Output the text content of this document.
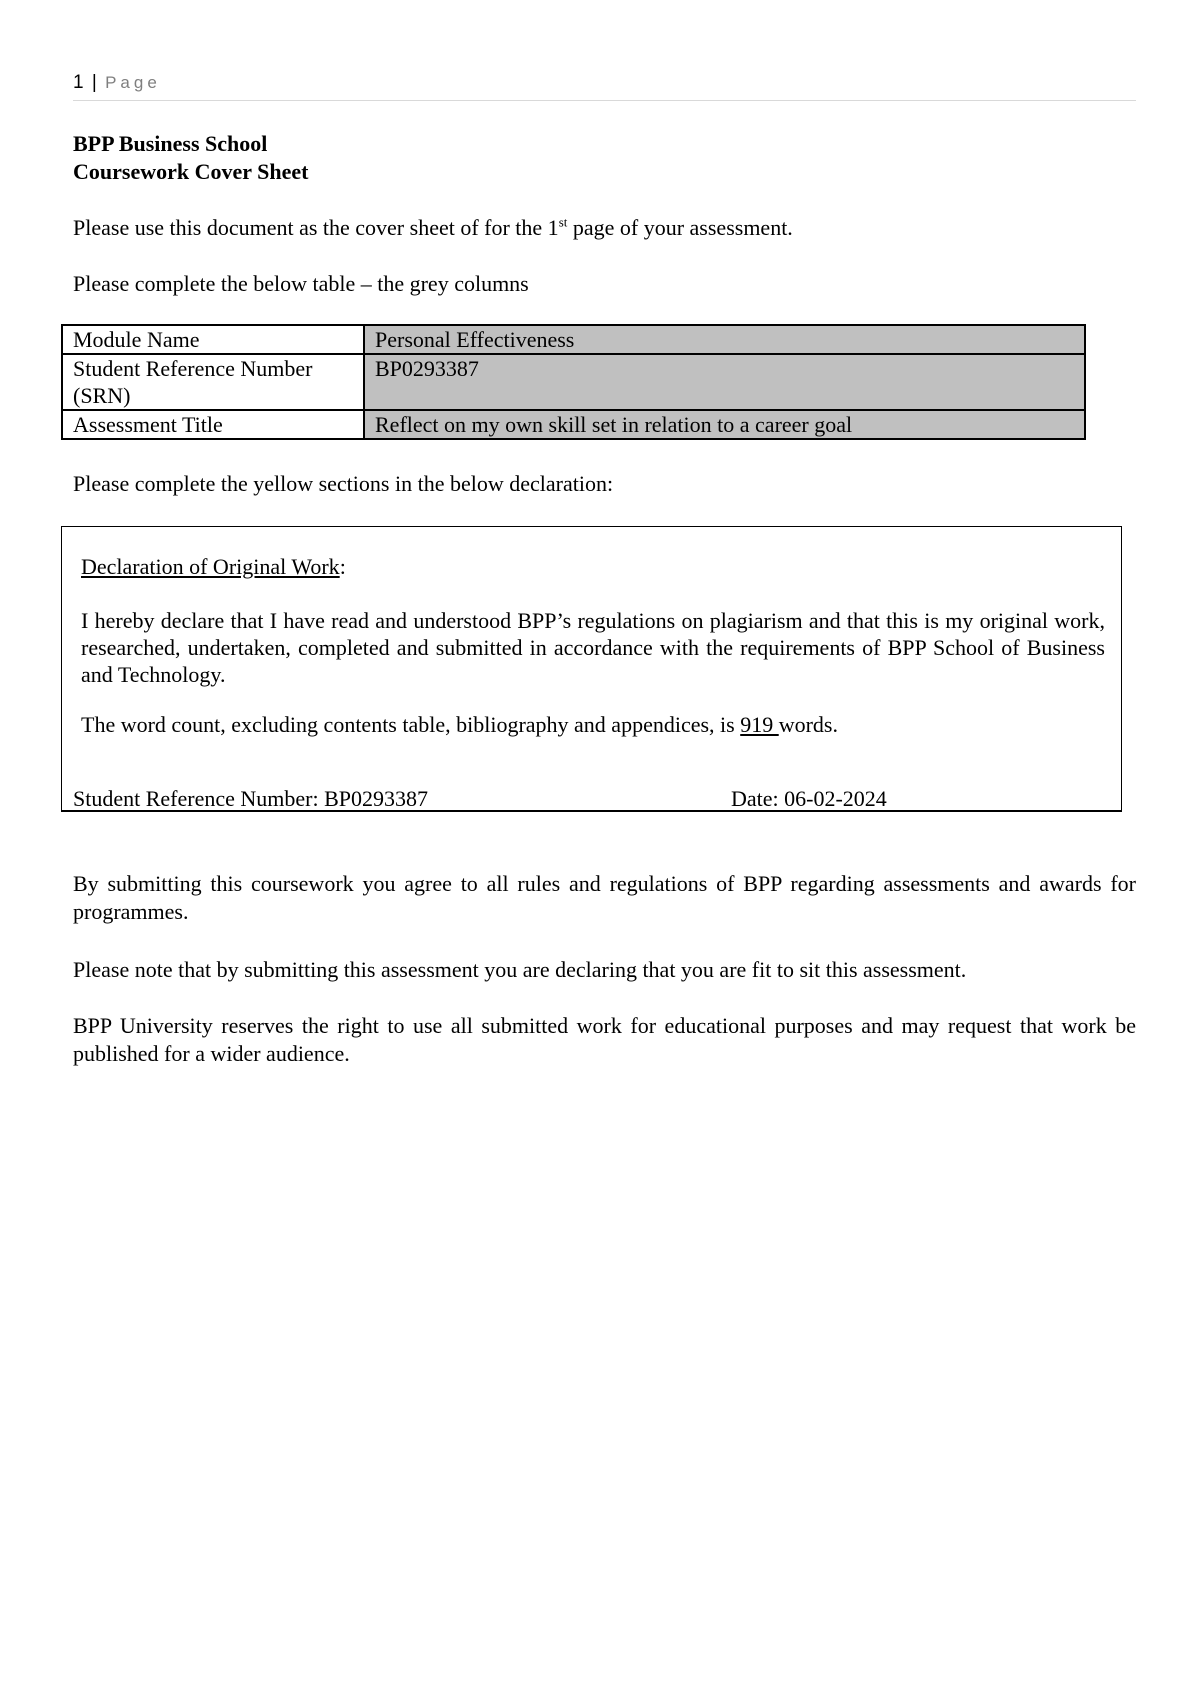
1 | Page
BPP Business School
Coursework Cover Sheet
Please use this document as the cover sheet of for the 1st page of your assessment.
Please complete the below table – the grey columns
Module Name	Personal Effectiveness
Student Reference Number (SRN)	BP0293387
Assessment Title	Reflect on my own skill set in relation to a career goal
Please complete the yellow sections in the below declaration:
Declaration of Original Work:
I hereby declare that I have read and understood BPP’s regulations on plagiarism and that this is my original work, researched, undertaken, completed and submitted in accordance with the requirements of BPP School of Business and Technology.
The word count, excluding contents table, bibliography and appendices, is 919 words.
Student Reference Number: BP0293387	Date: 06-02-2024
By submitting this coursework you agree to all rules and regulations of BPP regarding assessments and awards for programmes.
Please note that by submitting this assessment you are declaring that you are fit to sit this assessment.
BPP University reserves the right to use all submitted work for educational purposes and may request that work be published for a wider audience.
